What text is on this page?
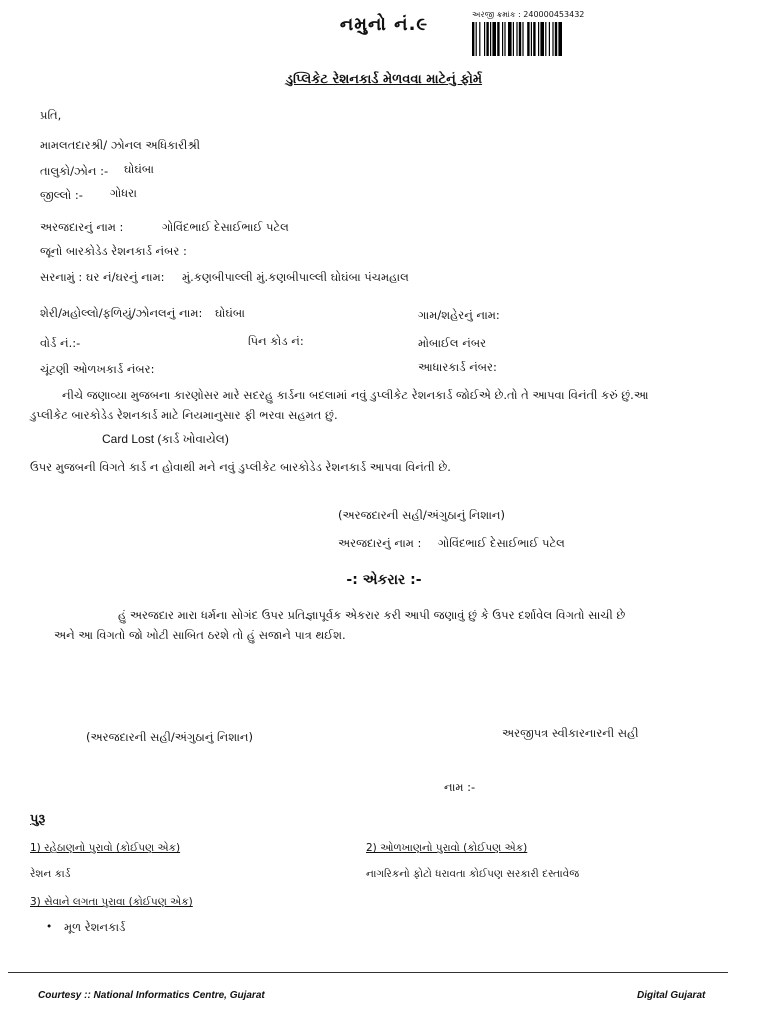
નમુનો નં.૯	અરજી ક્રમાંક : 240000453432
ડુપ્લિકેટ રેશનકાર્ડ મેળવવા માટેનું ફોર્મ
પ્રતિ,
મામલતદારશ્રી/ ઝોનલ અધિકારીશ્રી
તાલુકો/ઝોન :- ઘોઘંબા
જીલ્લો :- ગોધરા
અરજદારનું નામ :	ગોવિંદભાઈ દેસાઈભાઈ પટેલ
જૂનો બારકોડેડ રેશનકાર્ડ નંબર :
સરનામું : ઘર નં/ઘરનું નામ: મું.કણબીપાલ્લી મું.કણબીપાલ્લી ઘોઘંબા પંચમહાલ
શેરી/મહોલ્લો/ફળિયું/ઝોનલનું નામ: ઘોઘંબા	ગામ/શહેરનું નામ:
વોર્ડ નં.:-	પિન કોડ નં:	મોબાઈલ નંબર
ચૂંટણી ઓળખકાર્ડ નંબર:	આધારકાર્ડ નંબર:
નીચે જણાવ્યા મુજબના કારણોસર મારે સદરહુ કાર્ડના બદલામાં નવું ડુપ્લીકેટ રેશનકાર્ડ જોઈએ છે.તો તે આપવા વિનંતી કરું છું.આ
ડુપ્લીકેટ બારકોડેડ રેશનકાર્ડ માટે નિયમાનુસાર ફી ભરવા સહમત છું.
Card Lost (કાર્ડ ખોવાયેલ)
ઉપર મુજબની વિગતે કાર્ડ ન હોવાથી મને નવું ડુપ્લીકેટ બારકોડેડ રેશનકાર્ડ આપવા વિનંતી છે.
(અરજદારની સહી/અંગુઠાનું નિશાન)
અરજદારનું નામ : ગોવિંદભાઈ દેસાઈભાઈ પટેલ
-: એકરાર :-
હું અરજદાર મારા ધર્મના સોગંદ ઉપર પ્રતિજ્ઞાપૂર્વક એકરાર કરી આપી જણાવું છું કે ઉપર દર્શાવેલ વિગતો સાચી છે
અને આ વિગતો જો ખોટી સાબિત ઠરશે તો હું સજાને પાત્ર થઈશ.
(અરજદારની સહી/અંગુઠાનું નિશાન)	અરજીપત્ર સ્વીકારનારની સહી
નામ :-
પુરૂ
1) રહેઠાણનો પુરાવો (કોઈપણ એક)
રેશન કાર્ડ
2) ઓળખાણનો પુરાવો (કોઈપણ એક)
નાગરિકનો ફોટો ધરાવતા કોઈપણ સરકારી દસ્તાવેજ
3) સેવાને લગતા પુરાવા (કોઈપણ એક)
• મૂળ રેશનકાર્ડ
Courtesy :: National Informatics Centre, Gujarat	Digital Gujarat
